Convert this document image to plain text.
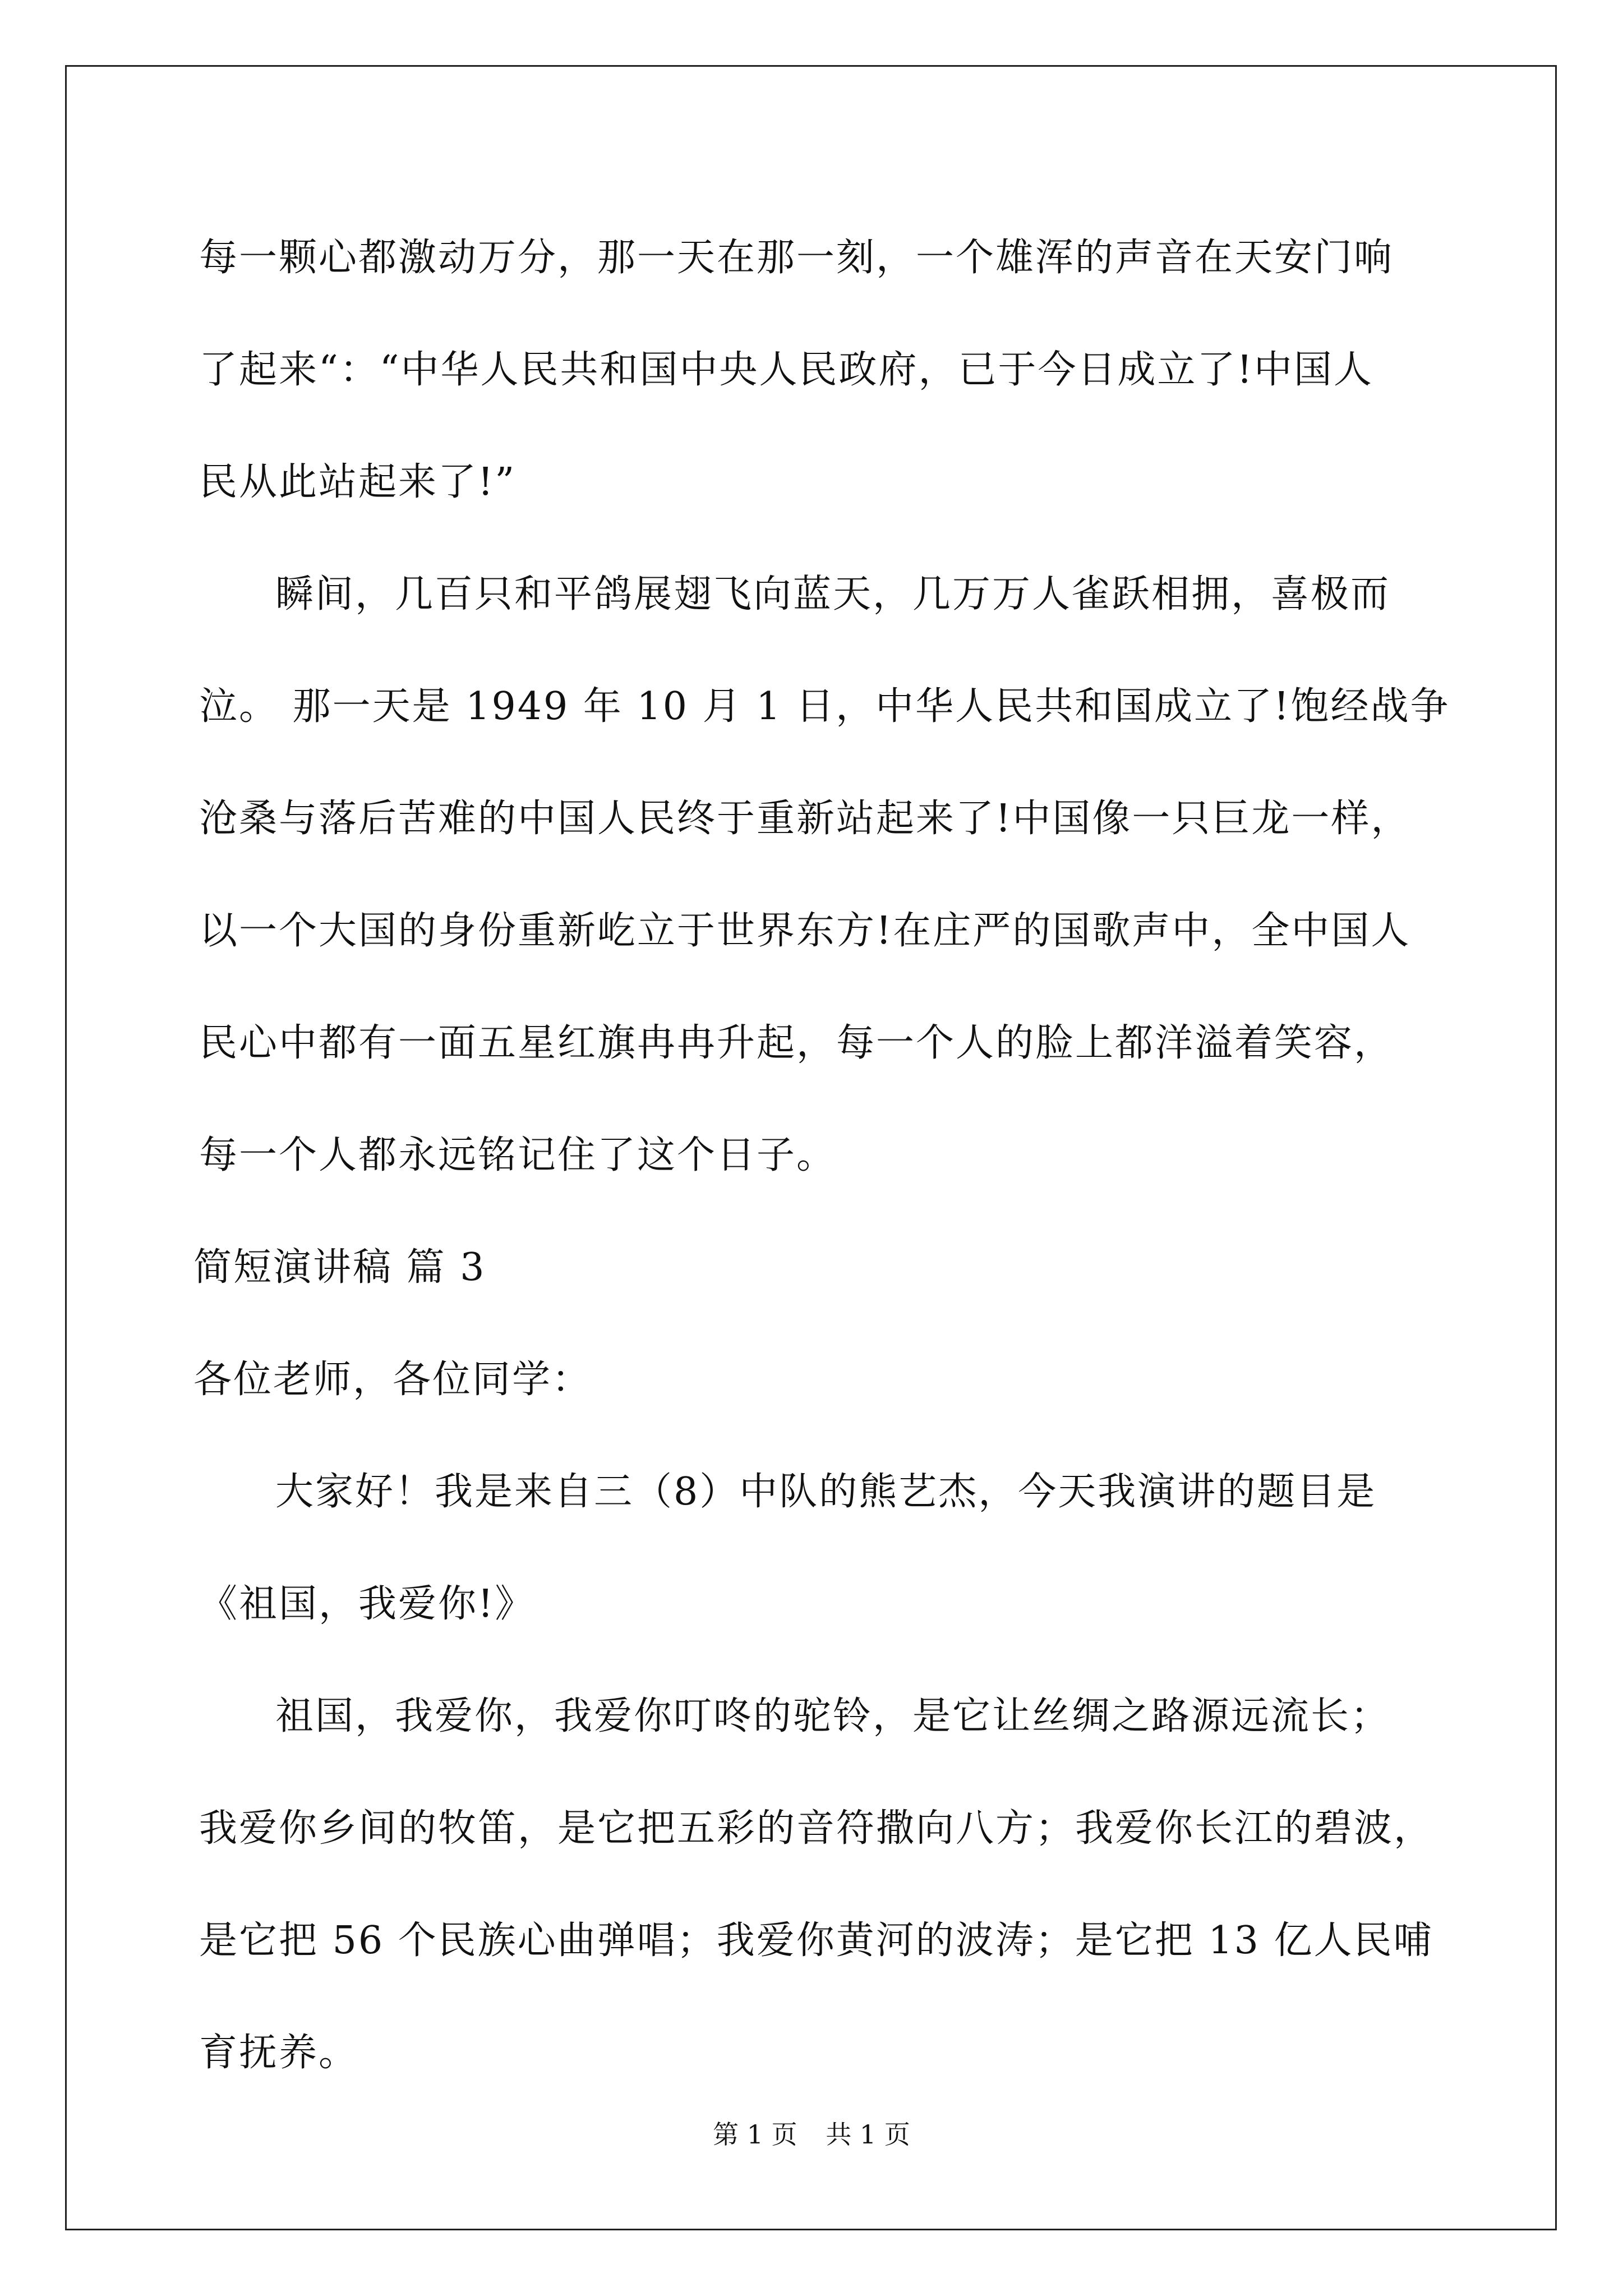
每一颗心都激动万分，那一天在那一刻，一个雄浑的声音在天安门响
了起来“：“中华人民共和国中央人民政府，已于今日成立了!中国人
民从此站起来了!”
瞬间，几百只和平鸽展翅飞向蓝天，几万万人雀跃相拥，喜极而
泣。 那一天是 1949 年 10 月 1 日，中华人民共和国成立了!饱经战争
沧桑与落后苦难的中国人民终于重新站起来了!中国像一只巨龙一样，
以一个大国的身份重新屹立于世界东方!在庄严的国歌声中，全中国人
民心中都有一面五星红旗冉冉升起，每一个人的脸上都洋溢着笑容，
每一个人都永远铭记住了这个日子。
简短演讲稿 篇 3
各位老师，各位同学：
大家好！我是来自三（8）中队的熊艺杰，今天我演讲的题目是
《祖国，我爱你!》
祖国，我爱你，我爱你叮咚的驼铃，是它让丝绸之路源远流长；
我爱你乡间的牧笛，是它把五彩的音符撒向八方；我爱你长江的碧波，
是它把 56 个民族心曲弹唱；我爱你黄河的波涛；是它把 13 亿人民哺
育抚养。
第 1 页 共 1 页
